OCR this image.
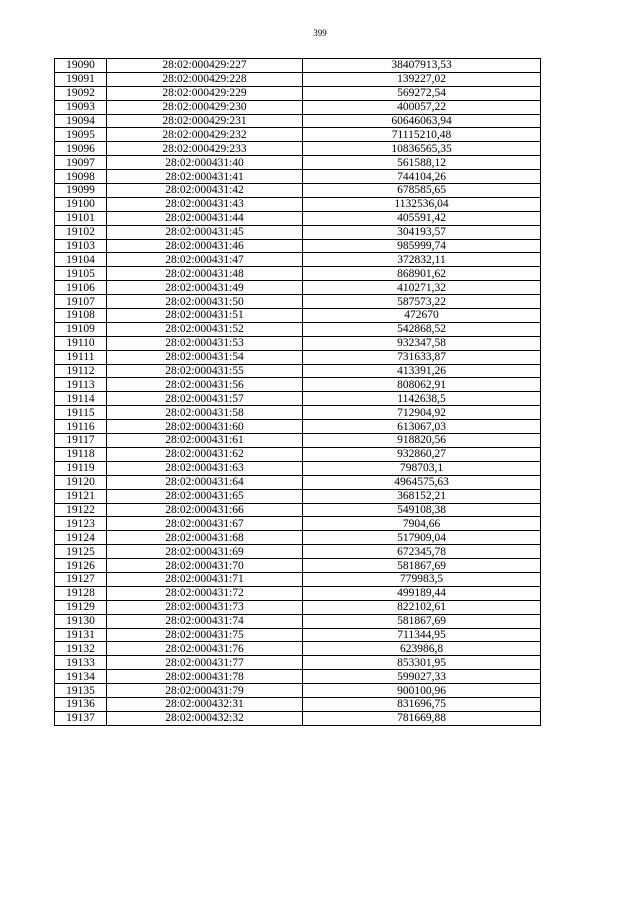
399
19090	28:02:000429:227	38407913,53
19091	28:02:000429:228	139227,02
19092	28:02:000429:229	569272,54
19093	28:02:000429:230	400057,22
19094	28:02:000429:231	60646063,94
19095	28:02:000429:232	71115210,48
19096	28:02:000429:233	10836565,35
19097	28:02:000431:40	561588,12
19098	28:02:000431:41	744104,26
19099	28:02:000431:42	678585,65
19100	28:02:000431:43	1132536,04
19101	28:02:000431:44	405591,42
19102	28:02:000431:45	304193,57
19103	28:02:000431:46	985999,74
19104	28:02:000431:47	372832,11
19105	28:02:000431:48	868901,62
19106	28:02:000431:49	410271,32
19107	28:02:000431:50	587573,22
19108	28:02:000431:51	472670
19109	28:02:000431:52	542868,52
19110	28:02:000431:53	932347,58
19111	28:02:000431:54	731633,87
19112	28:02:000431:55	413391,26
19113	28:02:000431:56	808062,91
19114	28:02:000431:57	1142638,5
19115	28:02:000431:58	712904,92
19116	28:02:000431:60	613067,03
19117	28:02:000431:61	918820,56
19118	28:02:000431:62	932860,27
19119	28:02:000431:63	798703,1
19120	28:02:000431:64	4964575,63
19121	28:02:000431:65	368152,21
19122	28:02:000431:66	549108,38
19123	28:02:000431:67	7904,66
19124	28:02:000431:68	517909,04
19125	28:02:000431:69	672345,78
19126	28:02:000431:70	581867,69
19127	28:02:000431:71	779983,5
19128	28:02:000431:72	499189,44
19129	28:02:000431:73	822102,61
19130	28:02:000431:74	581867,69
19131	28:02:000431:75	711344,95
19132	28:02:000431:76	623986,8
19133	28:02:000431:77	853301,95
19134	28:02:000431:78	599027,33
19135	28:02:000431:79	900100,96
19136	28:02:000432:31	831696,75
19137	28:02:000432:32	781669,88
